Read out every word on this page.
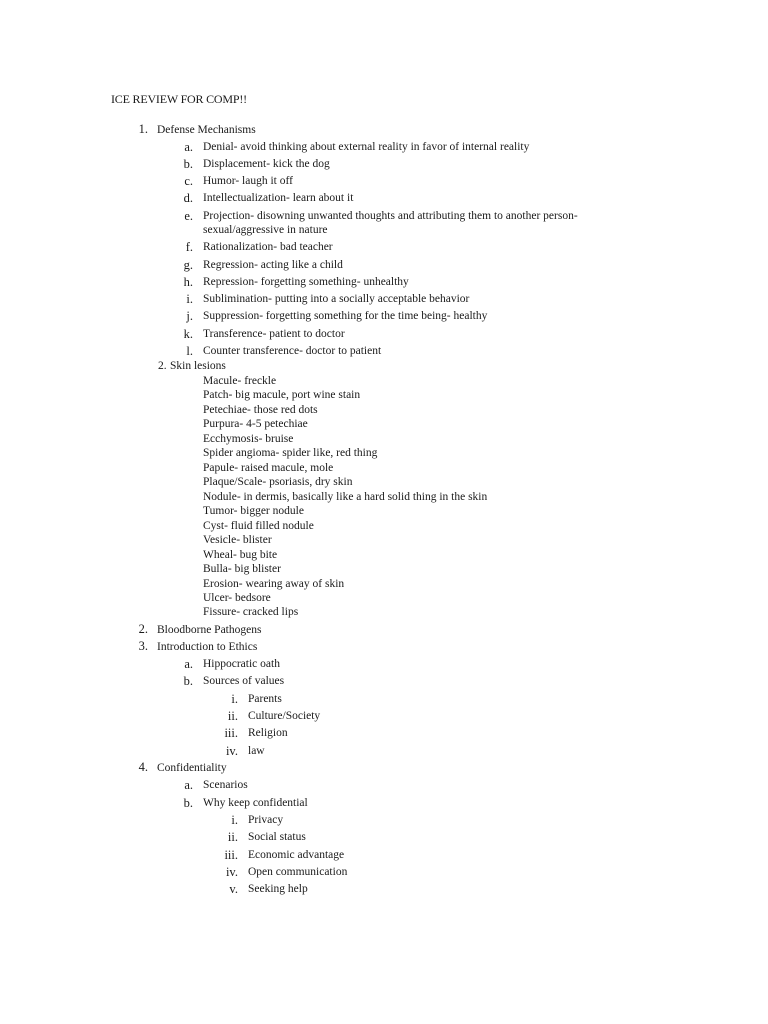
ICE REVIEW FOR COMP!!
1. Defense Mechanisms
a. Denial- avoid thinking about external reality in favor of internal reality
b. Displacement- kick the dog
c. Humor- laugh it off
d. Intellectualization- learn about it
e. Projection- disowning unwanted thoughts and attributing them to another person-
sexual/aggressive in nature
f. Rationalization- bad teacher
g. Regression- acting like a child
h. Repression- forgetting something- unhealthy
i. Sublimination- putting into a socially acceptable behavior
j. Suppression- forgetting something for the time being- healthy
k. Transference- patient to doctor
l. Counter transference- doctor to patient
2. Skin lesions
Macule- freckle
Patch- big macule, port wine stain
Petechiae- those red dots
Purpura- 4-5 petechiae
Ecchymosis- bruise
Spider angioma- spider like, red thing
Papule- raised macule, mole
Plaque/Scale- psoriasis, dry skin
Nodule- in dermis, basically like a hard solid thing in the skin
Tumor- bigger nodule
Cyst- fluid filled nodule
Vesicle- blister
Wheal- bug bite
Bulla- big blister
Erosion- wearing away of skin
Ulcer- bedsore
Fissure- cracked lips
2. Bloodborne Pathogens
3. Introduction to Ethics
a. Hippocratic oath
b. Sources of values
i. Parents
ii. Culture/Society
iii. Religion
iv. law
4. Confidentiality
a. Scenarios
b. Why keep confidential
i. Privacy
ii. Social status
iii. Economic advantage
iv. Open communication
v. Seeking help
